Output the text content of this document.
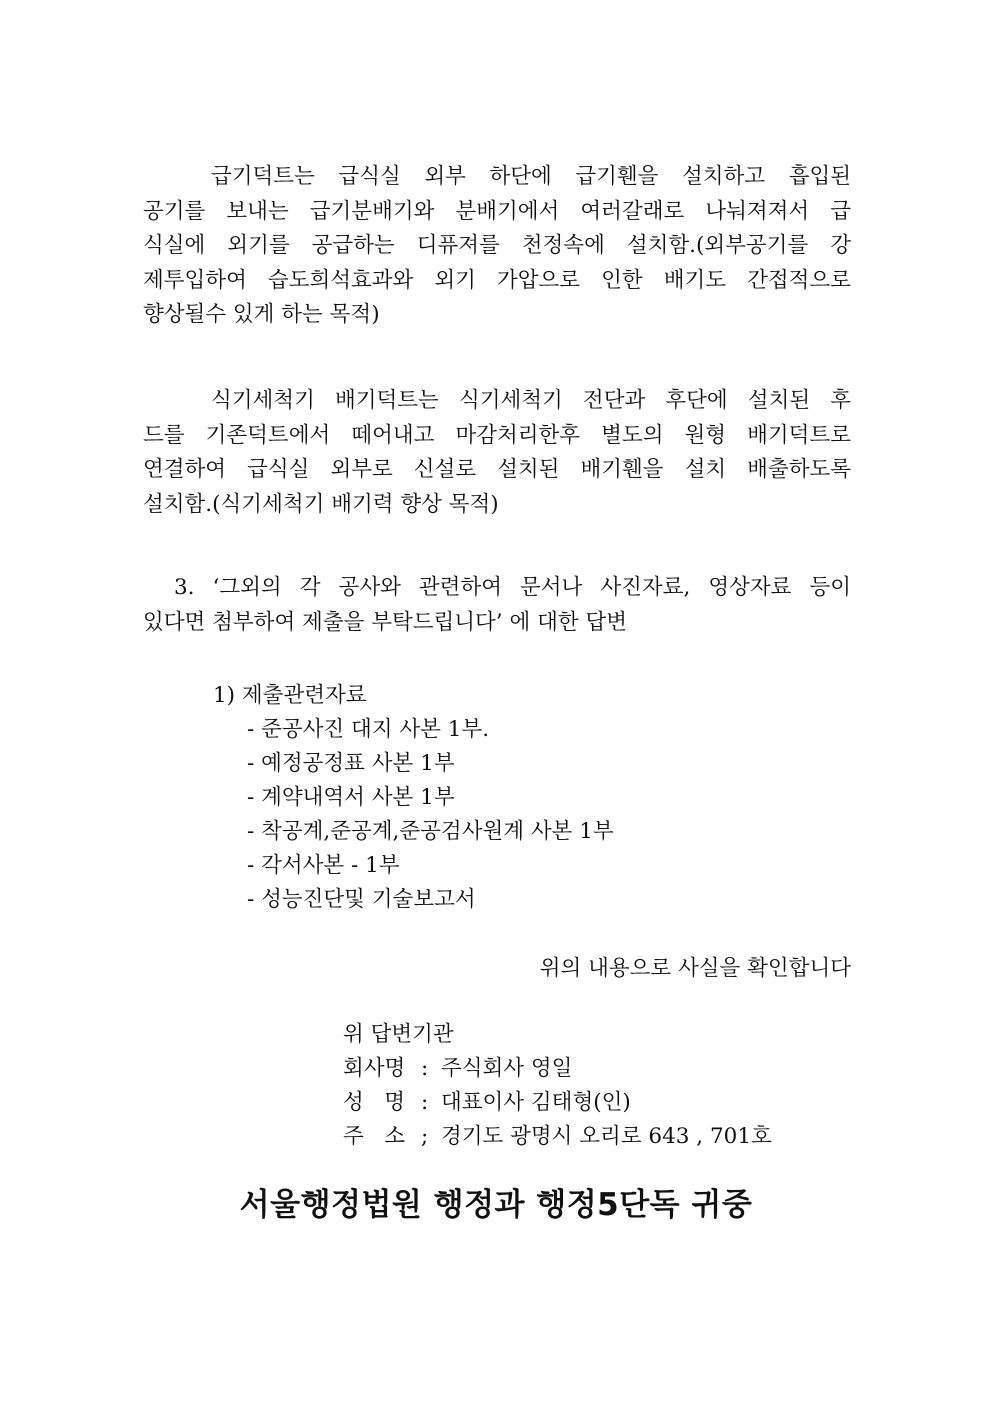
급기덕트는 급식실 외부 하단에 급기휀을 설치하고 흡입된
공기를 보내는 급기분배기와 분배기에서 여러갈래로 나눠져져서 급
식실에 외기를 공급하는 디퓨져를 천정속에 설치함.(외부공기를 강
제투입하여 습도희석효과와 외기 가압으로 인한 배기도 간접적으로
향상될수 있게 하는 목적)
식기세척기 배기덕트는 식기세척기 전단과 후단에 설치된 후
드를 기존덕트에서 떼어내고 마감처리한후 별도의 원형 배기덕트로
연결하여 급식실 외부로 신설로 설치된 배기휀을 설치 배출하도록
설치함.(식기세척기 배기력 향상 목적)
3. ‘그외의 각 공사와 관련하여 문서나 사진자료, 영상자료 등이
있다면 첨부하여 제출을 부탁드립니다’ 에 대한 답변
1) 제출관련자료
- 준공사진 대지 사본 1부.
- 예정공정표 사본 1부
- 계약내역서 사본 1부
- 착공계,준공계,준공검사원계 사본 1부
- 각서사본 - 1부
- 성능진단및 기술보고서

위의 내용으로 사실을 확인합니다

위 답변기관
회사명 : 주식회사 영일
성   명 : 대표이사 김태형(인)
주   소 ; 경기도 광명시 오리로 643 , 701호

서울행정법원 행정과 행정5단독 귀중
